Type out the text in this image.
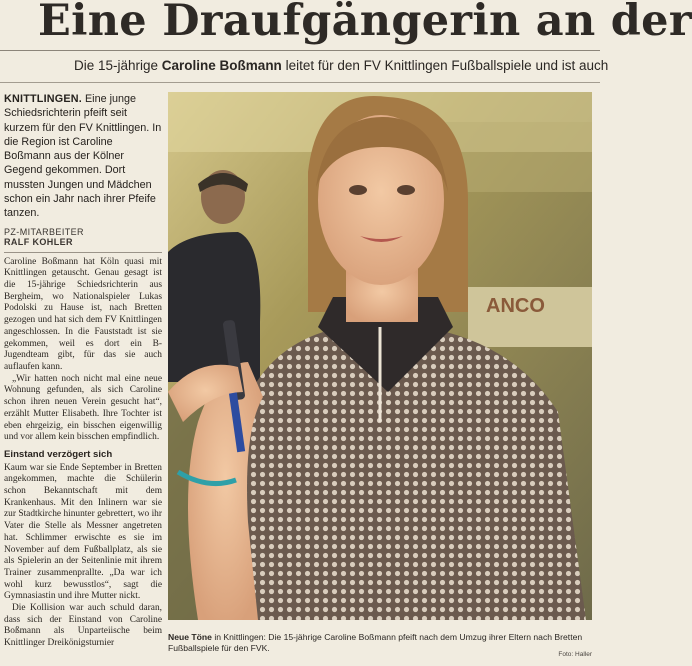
Eine Draufgängerin an der
Die 15-jährige Caroline Boßmann leitet für den FV Knittlingen Fußballspiele und ist auch

KNITTLINGEN. Eine junge Schiedsrichterin pfeift seit kurzem für den FV Knittlingen. In die Region ist Caroline Boßmann aus der Kölner Gegend gekommen. Dort mussten Jungen und Mädchen schon ein Jahr nach ihrer Pfeife tanzen.

PZ-MITARBEITER
RALF KOHLER

Caroline Boßmann hat Köln quasi mit Knittlingen getauscht. Genau gesagt ist die 15-jährige Schiedsrichterin aus Bergheim, wo Nationalspieler Lukas Podolski zu Hause ist, nach Bretten gezogen und hat sich dem FV Knittlingen angeschlossen. In die Fauststadt ist sie gekommen, weil es dort ein B-Jugendteam gibt, für das sie auch auflaufen kann.

„Wir hatten noch nicht mal eine neue Wohnung gefunden, als sich Caroline schon ihren neuen Verein gesucht hat“, erzählt Mutter Elisabeth. Ihre Tochter ist eben ehrgeizig, ein bisschen eigenwillig und vor allem kein bisschen empfindlich.

Einstand verzögert sich

Kaum war sie Ende September in Bretten angekommen, machte die Schülerin schon Bekanntschaft mit dem Krankenhaus. Mit den Inlinern war sie zur Stadtkirche hinunter gebrettert, wo ihr Vater die Stelle als Messner angetreten hat. Schlimmer erwischte es sie im November auf dem Fußballplatz, als sie als Spielerin an der Seitenlinie mit ihrem Trainer zusammenprallte. „Da war ich wohl kurz bewusstlos“, sagt die Gymnasiastin und ihre Mutter nickt.

Die Kollision war auch schuld daran, dass sich der Einstand von Caroline Boßmann als Unparteiische beim Knittlinger Dreikönigsturnier

ANCO
Neue Töne in Knittlingen: Die 15-jährige Caroline Boßmann pfeift nach dem Umzug ihrer Eltern nach Bretten Fußballspiele für den FVK.
Foto: Haller
